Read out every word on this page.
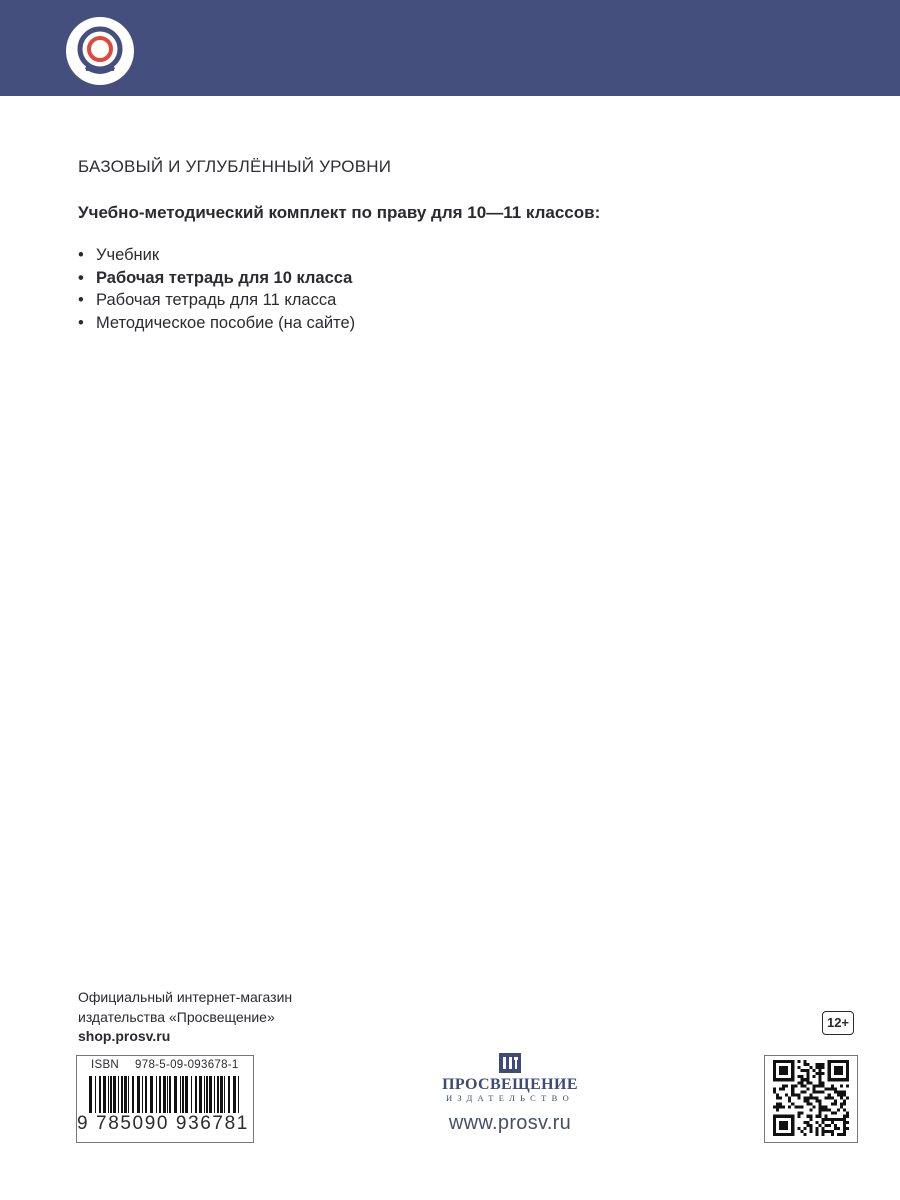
БАЗОВЫЙ И УГЛУБЛЁННЫЙ УРОВНИ
Учебно-методический комплект по праву для 10—11 классов:
• Учебник
• Рабочая тетрадь для 10 класса
• Рабочая тетрадь для 11 класса
• Методическое пособие (на сайте)
Официальный интернет-магазин
издательства «Просвещение»
shop.prosv.ru
12+
ISBN 978-5-09-093678-1
9 785090 936781
ПРОСВЕЩЕНИЕ
ИЗДАТЕЛЬСТВО
www.prosv.ru
